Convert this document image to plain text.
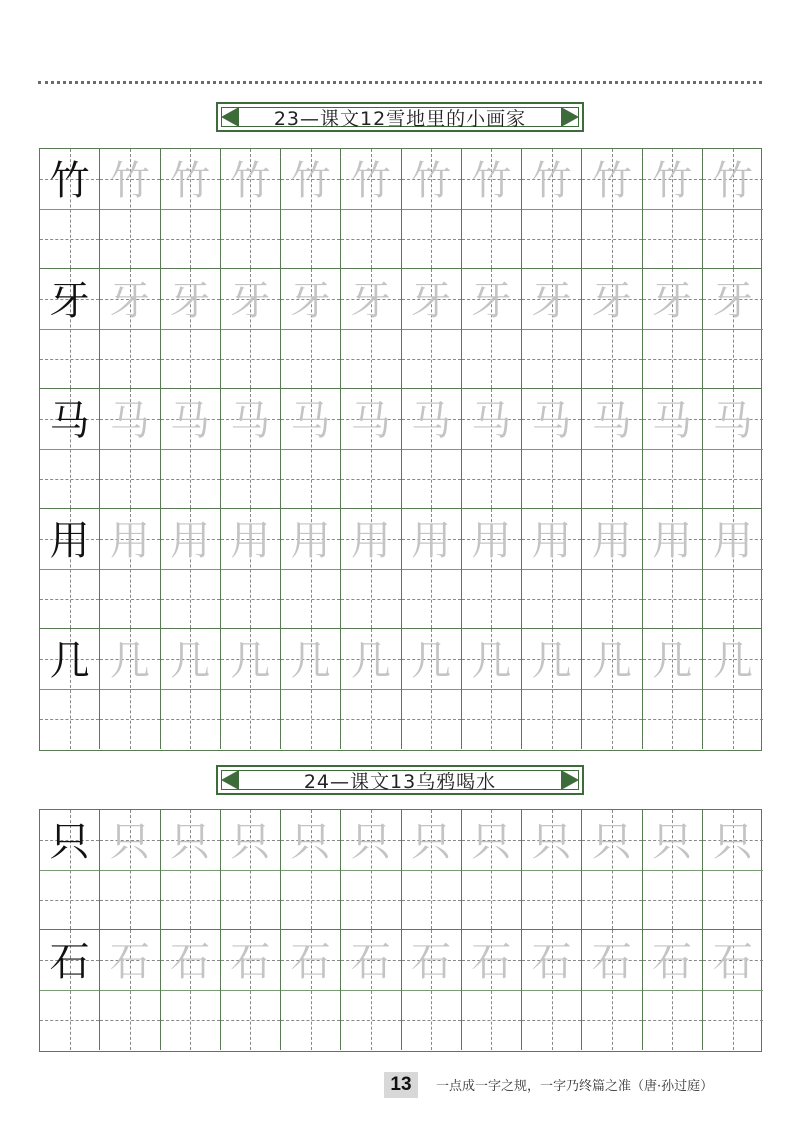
23—课文12雪地里的小画家
竹 竹 竹 竹 竹 竹 竹 竹 竹 竹 竹 竹
牙 牙 牙 牙 牙 牙 牙 牙 牙 牙 牙 牙
马 马 马 马 马 马 马 马 马 马 马 马
用 用 用 用 用 用 用 用 用 用 用 用
几 几 几 几 几 几 几 几 几 几 几 几
24—课文13乌鸦喝水
只 只 只 只 只 只 只 只 只 只 只 只
石 石 石 石 石 石 石 石 石 石 石 石
13	一点成一字之规，一字乃终篇之准（唐·孙过庭）
